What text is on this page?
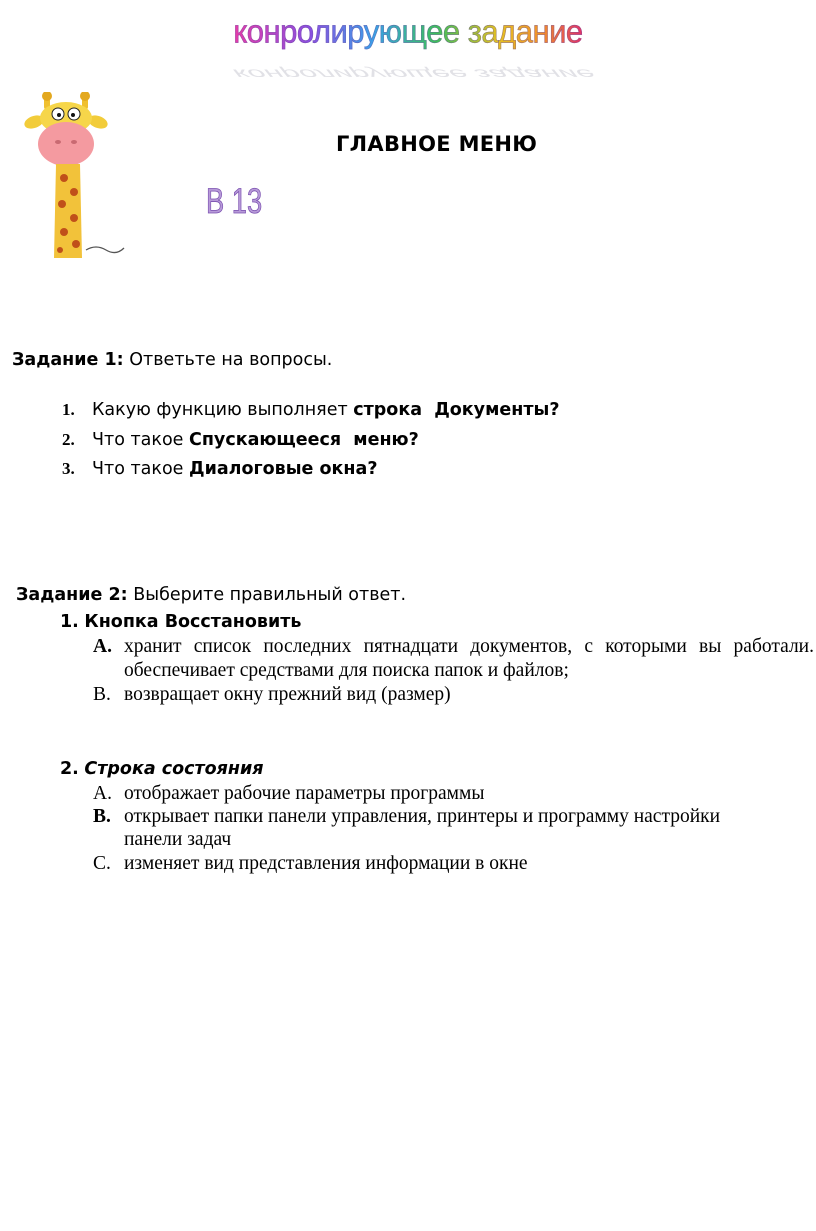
конролирующее задание
конролирующее задание
ГЛАВНОЕ МЕНЮ
В 13
Задание 1: Ответьте на вопросы.
1. Какую функцию выполняет строка  Документы?
2. Что такое Спускающееся  меню?
3. Что такое Диалоговые окна?
Задание 2: Выберите правильный ответ.
1. Кнопка Восстановить
А. хранит список последних пятнадцати документов, с которыми вы работали.
обеспечивает средствами для поиска папок и файлов;
В. возвращает окну прежний вид (размер)
2. Строка состояния
А. отображает рабочие параметры программы
В. открывает папки панели управления, принтеры и программу настройки
панели задач
С. изменяет вид представления информации в окне
